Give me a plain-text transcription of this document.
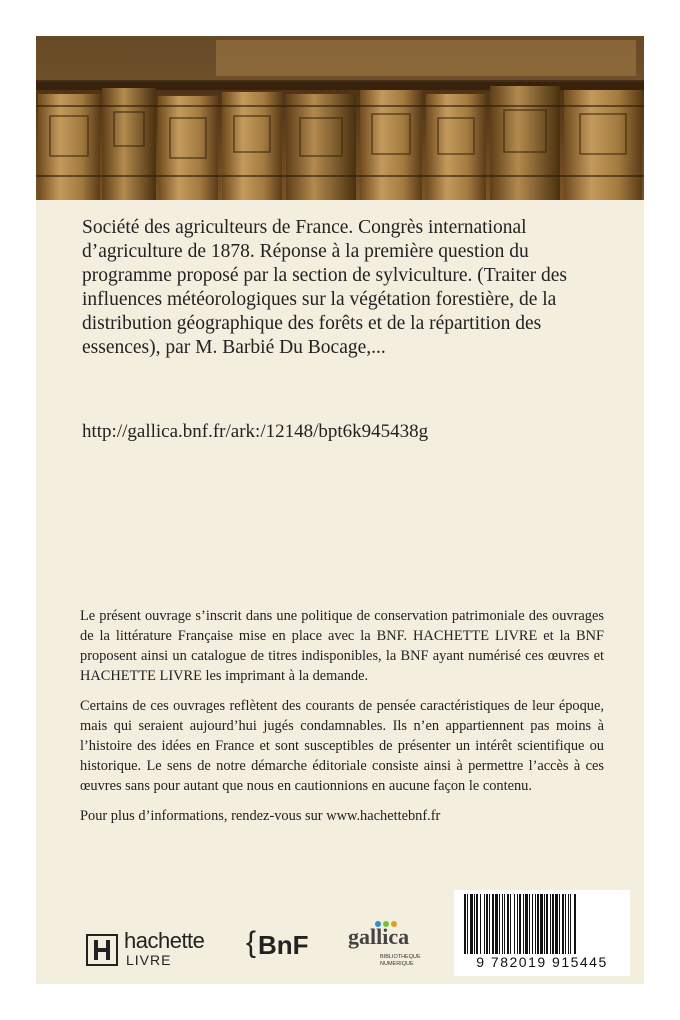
Société des agriculteurs de France. Congrès international d’agriculture de 1878. Réponse à la première question du programme proposé par la section de sylviculture. (Traiter des influences météorologiques sur la végétation forestière, de la distribution géographique des forêts et de la répartition des essences), par M. Barbié Du Bocage,...

http://gallica.bnf.fr/ark:/12148/bpt6k945438g

Le présent ouvrage s’inscrit dans une politique de conservation patrimoniale des ouvrages de la littérature Française mise en place avec la BNF. HACHETTE LIVRE et la BNF proposent ainsi un catalogue de titres indisponibles, la BNF ayant numérisé ces œuvres et HACHETTE LIVRE les imprimant à la demande.

Certains de ces ouvrages reflètent des courants de pensée caractéristiques de leur époque, mais qui seraient aujourd’hui jugés condamnables. Ils n’en appartiennent pas moins à l’histoire des idées en France et sont susceptibles de présenter un intérêt scientifique ou historique. Le sens de notre démarche éditoriale consiste ainsi à permettre l’accès à ces œuvres sans pour autant que nous en cautionnions en aucune façon le contenu.

Pour plus d’informations, rendez-vous sur www.hachettebnf.fr

hachette
LIVRE
{ BnF gallica
BIBLIOTHEQUE
NUMERIQUE	9 782019 915445
